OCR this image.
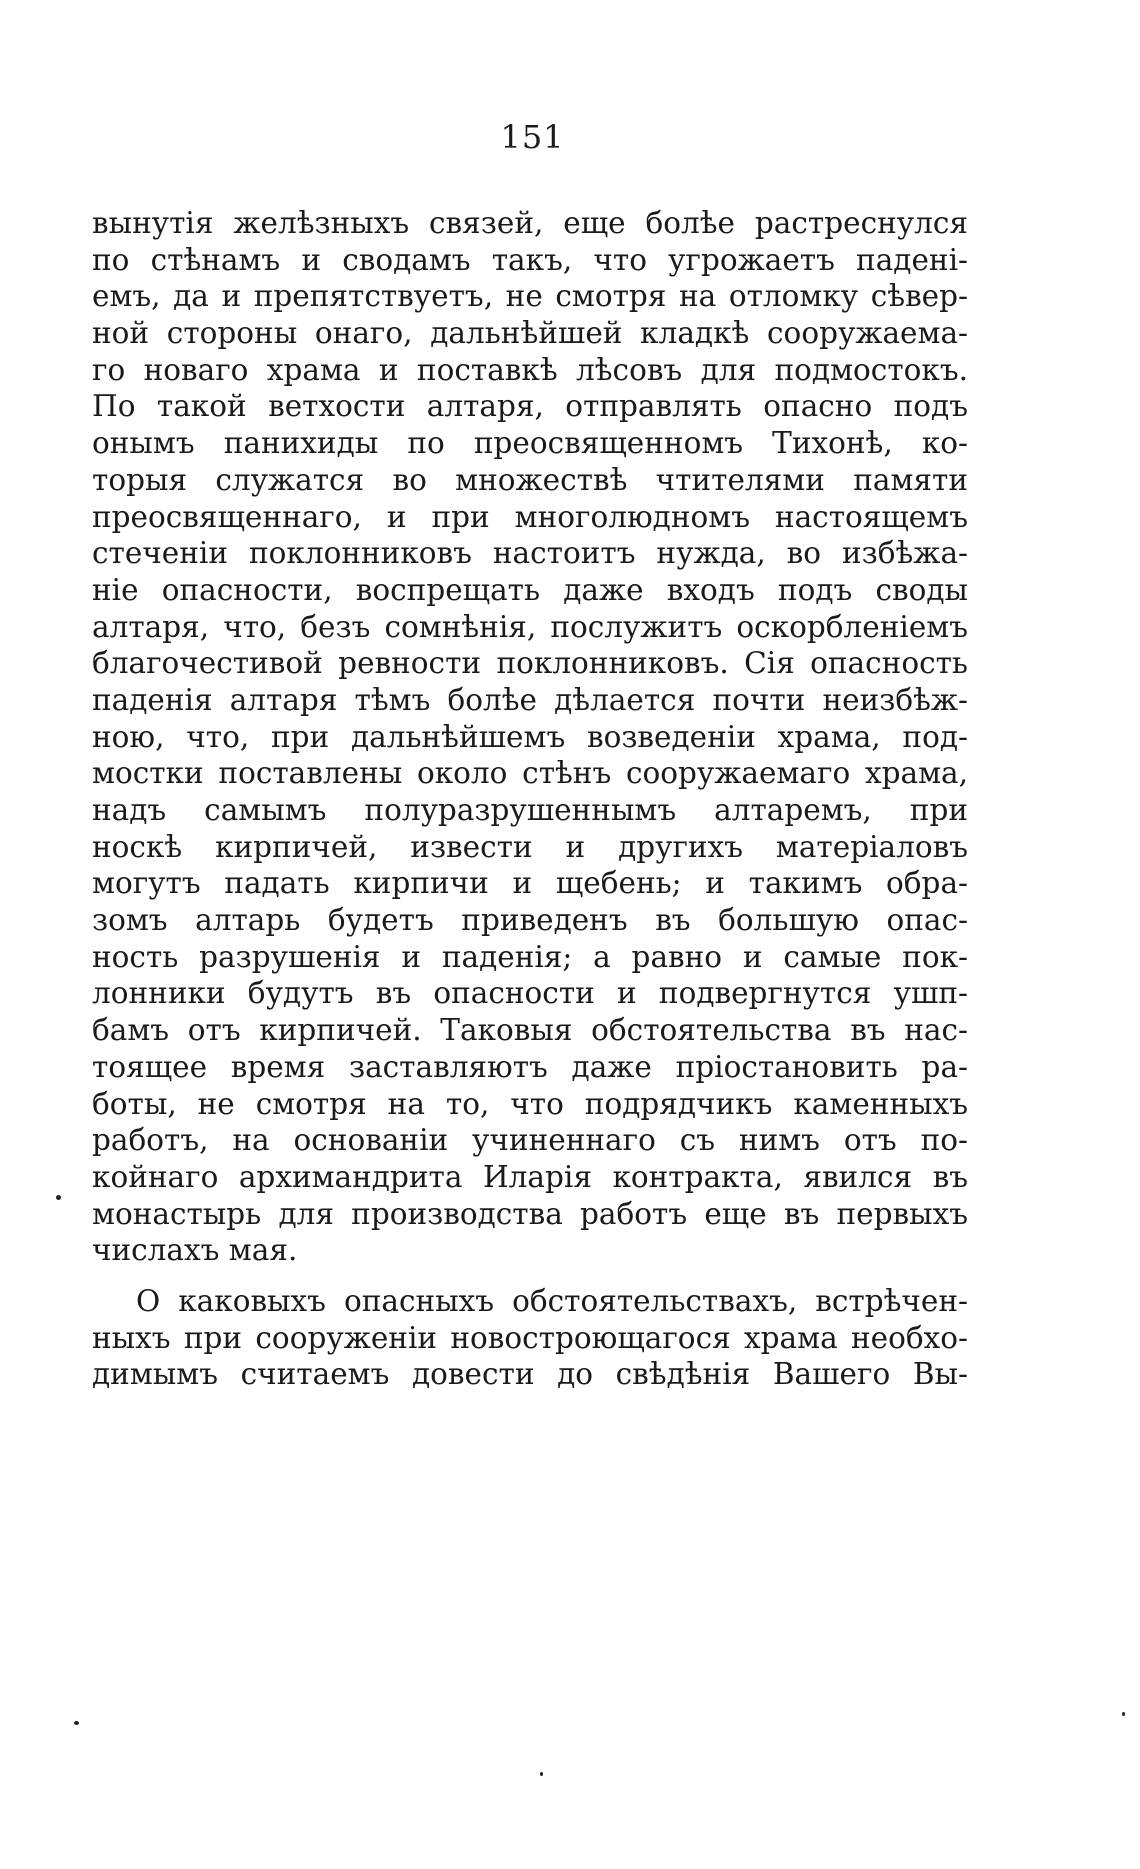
151
вынутія желѣзныхъ связей, еще болѣе растреснулся
по стѣнамъ и сводамъ такъ, что угрожаетъ падені-
емъ, да и препятствуетъ, не смотря на отломку сѣвер-
ной стороны онаго, дальнѣйшей кладкѣ сооружаема-
го новаго храма и поставкѣ лѣсовъ для подмостокъ.
По такой ветхости алтаря, отправлять опасно подъ
онымъ панихиды по преосвященномъ Тихонѣ, ко-
торыя служатся во множествѣ чтителями памяти
преосвященнаго, и при многолюдномъ настоящемъ
стеченіи поклонниковъ настоитъ нужда, во избѣжа-
ніе опасности, воспрещать даже входъ подъ своды
алтаря, что, безъ сомнѣнія, послужитъ оскорбленіемъ
благочестивой ревности поклонниковъ. Сія опасность
паденія алтаря тѣмъ болѣе дѣлается почти неизбѣж-
ною, что, при дальнѣйшемъ возведеніи храма, под-
мостки поставлены около стѣнъ сооружаемаго храма,
надъ самымъ полуразрушеннымъ алтаремъ, при
носкѣ кирпичей, извести и другихъ матеріаловъ
могутъ падать кирпичи и щебень; и такимъ обра-
зомъ алтарь будетъ приведенъ въ большую опас-
ность разрушенія и паденія; а равно и самые пок-
лонники будутъ въ опасности и подвергнутся ушп-
бамъ отъ кирпичей. Таковыя обстоятельства въ нас-
тоящее время заставляютъ даже пріостановить ра-
боты, не смотря на то, что подрядчикъ каменныхъ
работъ, на основаніи учиненнаго съ нимъ отъ по-
койнаго архимандрита Иларія контракта, явился въ
монастырь для производства работъ еще въ первыхъ
числахъ мая.
О каковыхъ опасныхъ обстоятельствахъ, встрѣчен-
ныхъ при сооруженіи новостроющагося храма необхо-
димымъ считаемъ довести до свѣдѣнія Вашего Вы-
